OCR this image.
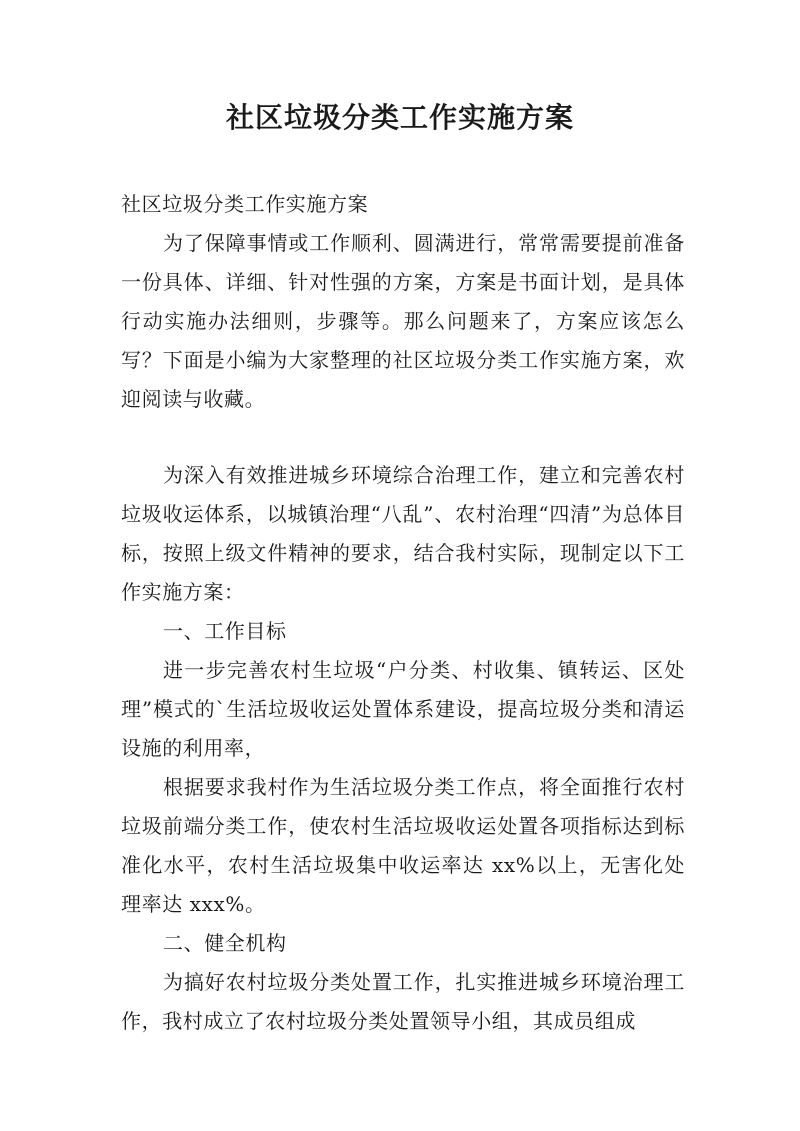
社区垃圾分类工作实施方案

社区垃圾分类工作实施方案

为了保障事情或工作顺利、圆满进行，常常需要提前准备一份具体、详细、针对性强的方案，方案是书面计划，是具体行动实施办法细则，步骤等。那么问题来了，方案应该怎么写？下面是小编为大家整理的社区垃圾分类工作实施方案，欢迎阅读与收藏。

为深入有效推进城乡环境综合治理工作，建立和完善农村垃圾收运体系，以城镇治理“八乱”、农村治理“四清”为总体目标，按照上级文件精神的要求，结合我村实际，现制定以下工作实施方案：

一、工作目标

进一步完善农村生垃圾“户分类、村收集、镇转运、区处理”模式的`生活垃圾收运处置体系建设，提高垃圾分类和清运设施的利用率，

根据要求我村作为生活垃圾分类工作点，将全面推行农村垃圾前端分类工作，使农村生活垃圾收运处置各项指标达到标准化水平，农村生活垃圾集中收运率达 xx%以上，无害化处理率达 xxx%。

二、健全机构

为搞好农村垃圾分类处置工作，扎实推进城乡环境治理工作，我村成立了农村垃圾分类处置领导小组，其成员组成
